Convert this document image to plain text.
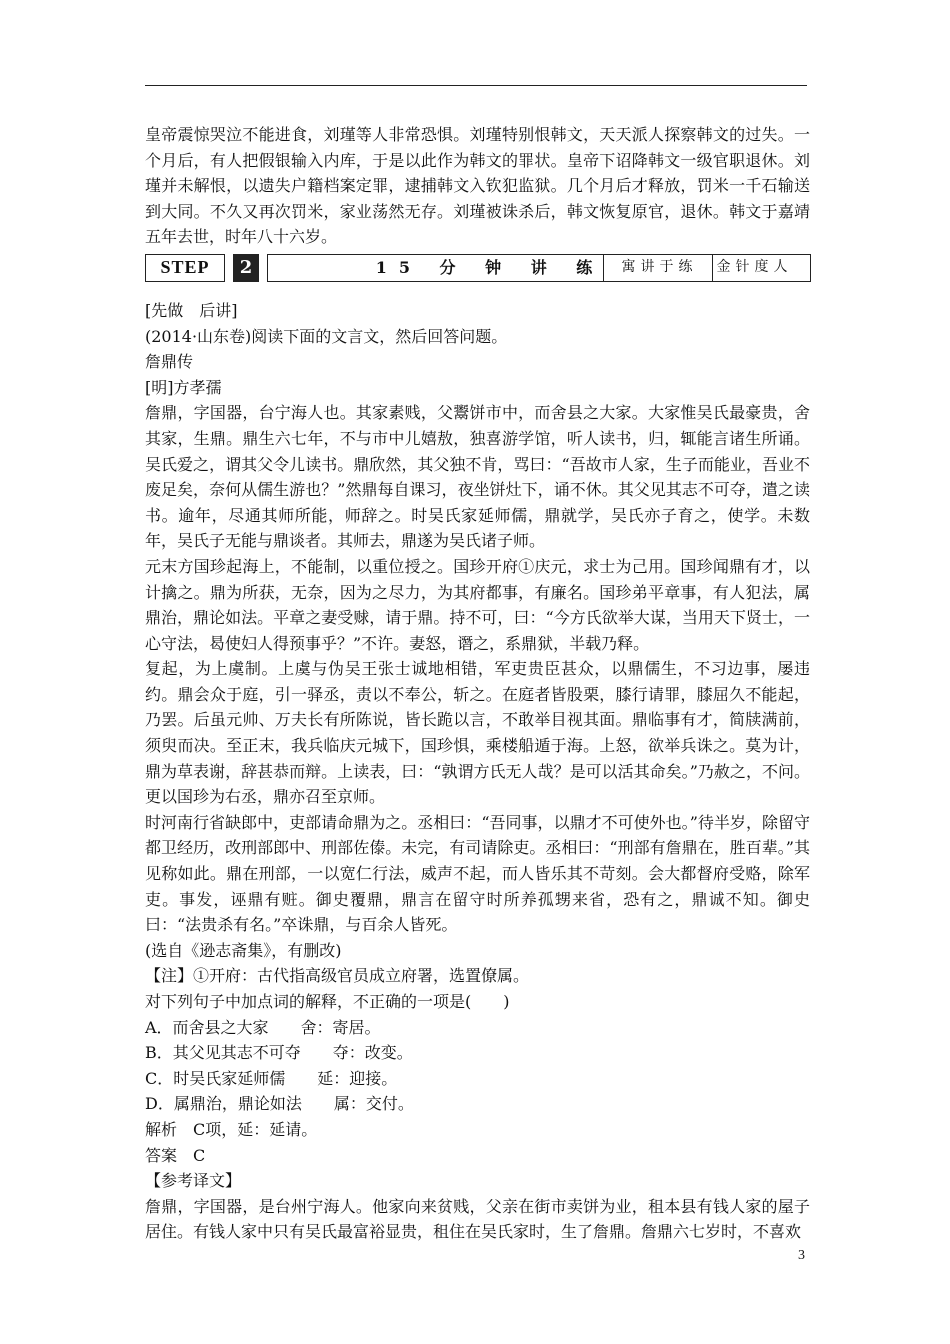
皇帝震惊哭泣不能进食，刘瑾等人非常恐惧。刘瑾特别恨韩文，天天派人探察韩文的过失。一个月后，有人把假银输入内库，于是以此作为韩文的罪状。皇帝下诏降韩文一级官职退休。刘瑾并未解恨，以遗失户籍档案定罪，逮捕韩文入钦犯监狱。几个月后才释放，罚米一千石输送到大同。不久又再次罚米，家业荡然无存。刘瑾被诛杀后，韩文恢复原官，退休。韩文于嘉靖五年去世，时年八十六岁。

STEP	2	15 分 钟 讲 练	寓讲于练　金针度人

[先做　后讲]

(2014·山东卷)阅读下面的文言文，然后回答问题。

詹鼎传

[明]方孝孺

詹鼎，字国器，台宁海人也。其家素贱，父鬻饼市中，而舍县之大家。大家惟吴氏最豪贵，舍其家，生鼎。鼎生六七年，不与市中儿嬉敖，独喜游学馆，听人读书，归，辄能言诸生所诵。吴氏爱之，谓其父令儿读书。鼎欣然，其父独不肯，骂曰：“吾故市人家，生子而能业，吾业不废足矣，奈何从儒生游也？”然鼎每自课习，夜坐饼灶下，诵不休。其父见其志不可夺，遣之读书。逾年，尽通其师所能，师辞之。时吴氏家延师儒，鼎就学，吴氏亦子育之，使学。未数年，吴氏子无能与鼎谈者。其师去，鼎遂为吴氏诸子师。

元末方国珍起海上，不能制，以重位授之。国珍开府①庆元，求士为己用。国珍闻鼎有才，以计擒之。鼎为所获，无奈，因为之尽力，为其府都事，有廉名。国珍弟平章事，有人犯法，属鼎治，鼎论如法。平章之妻受赇，请于鼎。持不可，曰：“今方氏欲举大谋，当用天下贤士，一心守法，曷使妇人得预事乎？”不许。妻怒，谮之，系鼎狱，半载乃释。

复起，为上虞制。上虞与伪吴王张士诚地相错，军吏贵臣甚众，以鼎儒生，不习边事，屡违约。鼎会众于庭，引一驿丞，责以不奉公，斩之。在庭者皆股栗，膝行请罪，膝屈久不能起，乃罢。后虽元帅、万夫长有所陈说，皆长跪以言，不敢举目视其面。鼎临事有才，简牍满前，须臾而决。至正末，我兵临庆元城下，国珍惧，乘楼船遁于海。上怒，欲举兵诛之。莫为计，鼎为草表谢，辞甚恭而辩。上读表，曰：“孰谓方氏无人哉？是可以活其命矣。”乃赦之，不问。更以国珍为右丞，鼎亦召至京师。

时河南行省缺郎中，吏部请命鼎为之。丞相曰：“吾同事，以鼎才不可使外也。”待半岁，除留守都卫经历，改刑部郎中、刑部佐傣。未完，有司请除吏。丞相曰：“刑部有詹鼎在，胜百辈。”其见称如此。鼎在刑部，一以宽仁行法，威声不起，而人皆乐其不苛刻。会大都督府受赂，除军吏。事发，诬鼎有赃。御史覆鼎，鼎言在留守时所养孤甥来省，恐有之，鼎诚不知。御史曰：“法贵杀有名。”卒诛鼎，与百余人皆死。

(选自《逊志斋集》，有删改)

【注】①开府：古代指高级官员成立府署，选置僚属。

对下列句子中加点词的解释，不正确的一项是(　　)

A．而舍县之大家　　舍：寄居。

B．其父见其志不可夺　　夺：改变。

C．时吴氏家延师儒　　延：迎接。

D．属鼎治，鼎论如法　　属：交付。

解析　C项，延：延请。

答案　C

【参考译文】

詹鼎，字国器，是台州宁海人。他家向来贫贱，父亲在街市卖饼为业，租本县有钱人家的屋子居住。有钱人家中只有吴氏最富裕显贵，租住在吴氏家时，生了詹鼎。詹鼎六七岁时，不喜欢

3
